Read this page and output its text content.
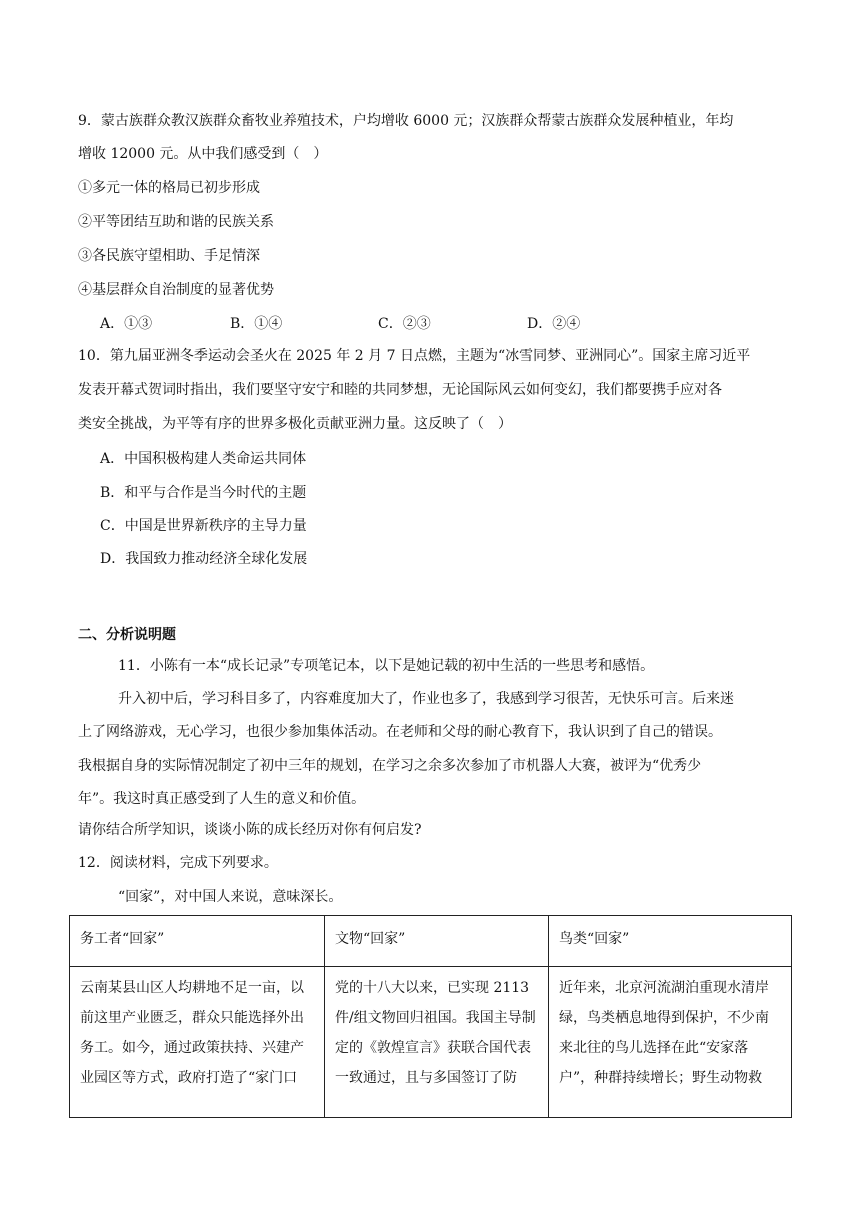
9．蒙古族群众教汉族群众畜牧业养殖技术，户均增收 6000 元；汉族群众帮蒙古族群众发展种植业，年均
增收 12000 元。从中我们感受到（　）
①多元一体的格局已初步形成
②平等团结互助和谐的民族关系
③各民族守望相助、手足情深
④基层群众自治制度的显著优势
A．①③	B．①④	C．②③	D．②④
10．第九届亚洲冬季运动会圣火在 2025 年 2 月 7 日点燃，主题为“冰雪同梦、亚洲同心”。国家主席习近平
发表开幕式贺词时指出，我们要坚守安宁和睦的共同梦想，无论国际风云如何变幻，我们都要携手应对各
类安全挑战，为平等有序的世界多极化贡献亚洲力量。这反映了（　）
A．中国积极构建人类命运共同体
B．和平与合作是当今时代的主题
C．中国是世界新秩序的主导力量
D．我国致力推动经济全球化发展
二、分析说明题
11．小陈有一本“成长记录”专项笔记本，以下是她记载的初中生活的一些思考和感悟。
升入初中后，学习科目多了，内容难度加大了，作业也多了，我感到学习很苦，无快乐可言。后来迷
上了网络游戏，无心学习，也很少参加集体活动。在老师和父母的耐心教育下，我认识到了自己的错误。
我根据自身的实际情况制定了初中三年的规划，在学习之余多次参加了市机器人大赛，被评为“优秀少
年”。我这时真正感受到了人生的意义和价值。
请你结合所学知识，谈谈小陈的成长经历对你有何启发?
12．阅读材料，完成下列要求。
“回家”，对中国人来说，意味深长。
务工者“回家”	文物“回家”	鸟类“回家”

云南某县山区人均耕地不足一亩，以前这里产业匮乏，群众只能选择外出务工。如今，通过政策扶持、兴建产业园区等方式，政府打造了“家门口	党的十八大以来，已实现 2113 件/组文物回归祖国。我国主导制定的《敦煌宣言》获联合国代表一致通过，且与多国签订了防	近年来，北京河流湖泊重现水清岸绿，鸟类栖息地得到保护，不少南来北往的鸟儿选择在此“安家落户”，种群持续增长；野生动物救
